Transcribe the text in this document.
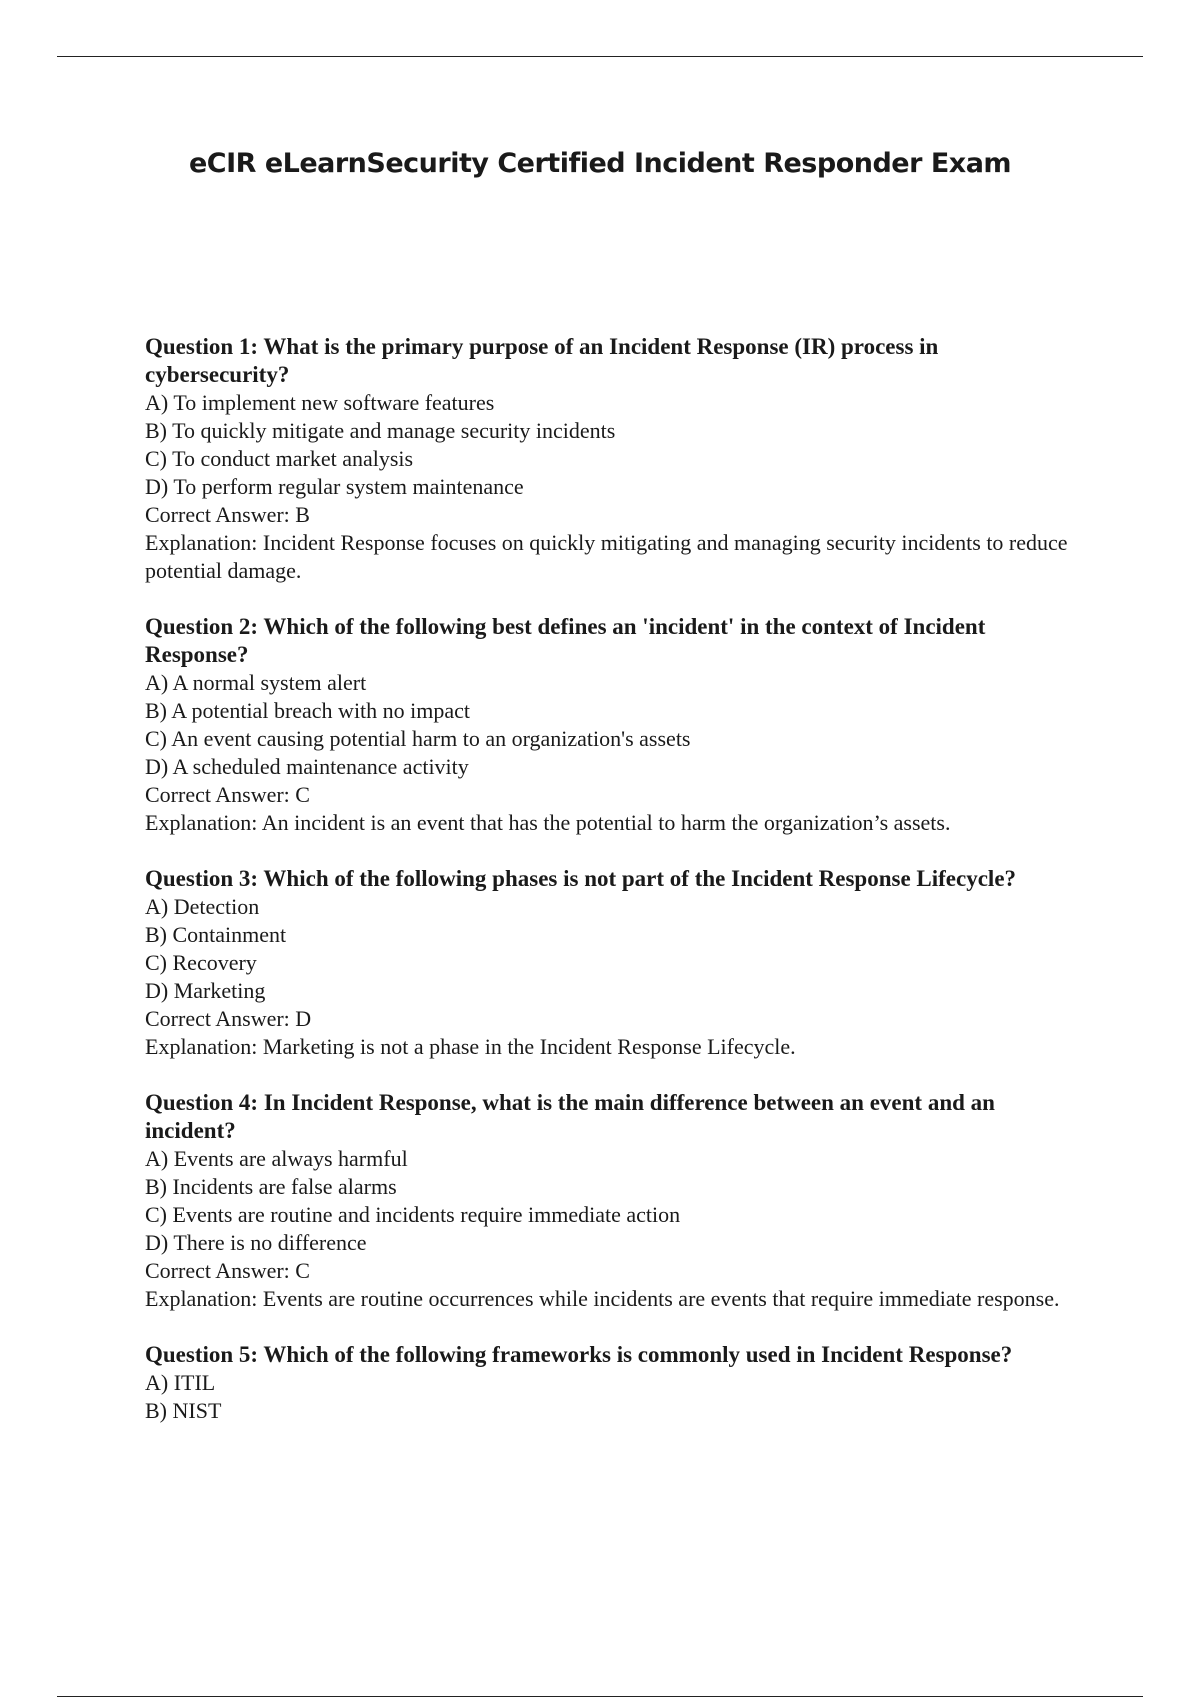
eCIR eLearnSecurity Certified Incident Responder Exam

Question 1: What is the primary purpose of an Incident Response (IR) process in cybersecurity?

A) To implement new software features
B) To quickly mitigate and manage security incidents
C) To conduct market analysis
D) To perform regular system maintenance

Correct Answer: B

Explanation: Incident Response focuses on quickly mitigating and managing security incidents to reduce potential damage.

Question 2: Which of the following best defines an 'incident' in the context of Incident Response?

A) A normal system alert
B) A potential breach with no impact
C) An event causing potential harm to an organization's assets
D) A scheduled maintenance activity

Correct Answer: C

Explanation: An incident is an event that has the potential to harm the organization’s assets.

Question 3: Which of the following phases is not part of the Incident Response Lifecycle?

A) Detection
B) Containment
C) Recovery
D) Marketing

Correct Answer: D

Explanation: Marketing is not a phase in the Incident Response Lifecycle.

Question 4: In Incident Response, what is the main difference between an event and an incident?

A) Events are always harmful
B) Incidents are false alarms
C) Events are routine and incidents require immediate action
D) There is no difference

Correct Answer: C

Explanation: Events are routine occurrences while incidents are events that require immediate response.

Question 5: Which of the following frameworks is commonly used in Incident Response?

A) ITIL
B) NIST
